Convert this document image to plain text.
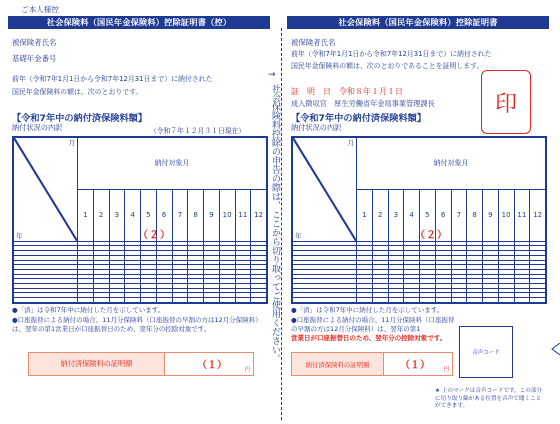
ご本人様控
社会保険料（国民年金保険料）控除証明書（控）
被保険者氏名
基礎年金番号
前年（令和7年1月1日から令和7年12月31日まで）に納付された
国民年金保険料の額は、次のとおりです。
【令和7年中の納付済保険料額】
納付状況の内訳	（令和７年１２月３１日現在）
月
年	納付対象月											
	1	2	3	4	5	6	7	8	9	10	11	12

（２）
●「済」は令和7年中に納付した月を示しています。
●口座振替による納付の場合、11月分保険料（口座振替の早割の方は12月分保険料）は、翌年の第1営業日が口座振替日のため、翌年分の控除対象です。
納付済保険料の証明額	（１）	円
→
社会保険料控除の申告の際は、ここから切り取ってご使用ください。
社会保険料（国民年金保険料）控除証明書
被保険者氏名
前年（令和7年1月1日から令和7年12月31日まで）に納付された
国民年金保険料の額は、次のとおりであることを証明します。
証　明　日　令和８年１月１日
成入徴収官　厚生労働省年金局事業管理課長
【令和7年中の納付済保険料額】
納付状況の内訳
月
年	納付対象月											
	1	2	3	4	5	6	7	8	9	10	11	12

（２）
●「済」は令和7年中に納付した月を示しています。
●口座振替による納付の場合、11月分保険料（口座振替の早割の方は12月分保険料）は、翌年の第1
営業日が口座振替日のため、翌年分の控除対象です。
納付済保険料の証明額	（１） 円
★ 上のマークは音声コードです。この部分に切り取り線がある位置を音声で聞くことができます。
印
音声コード
